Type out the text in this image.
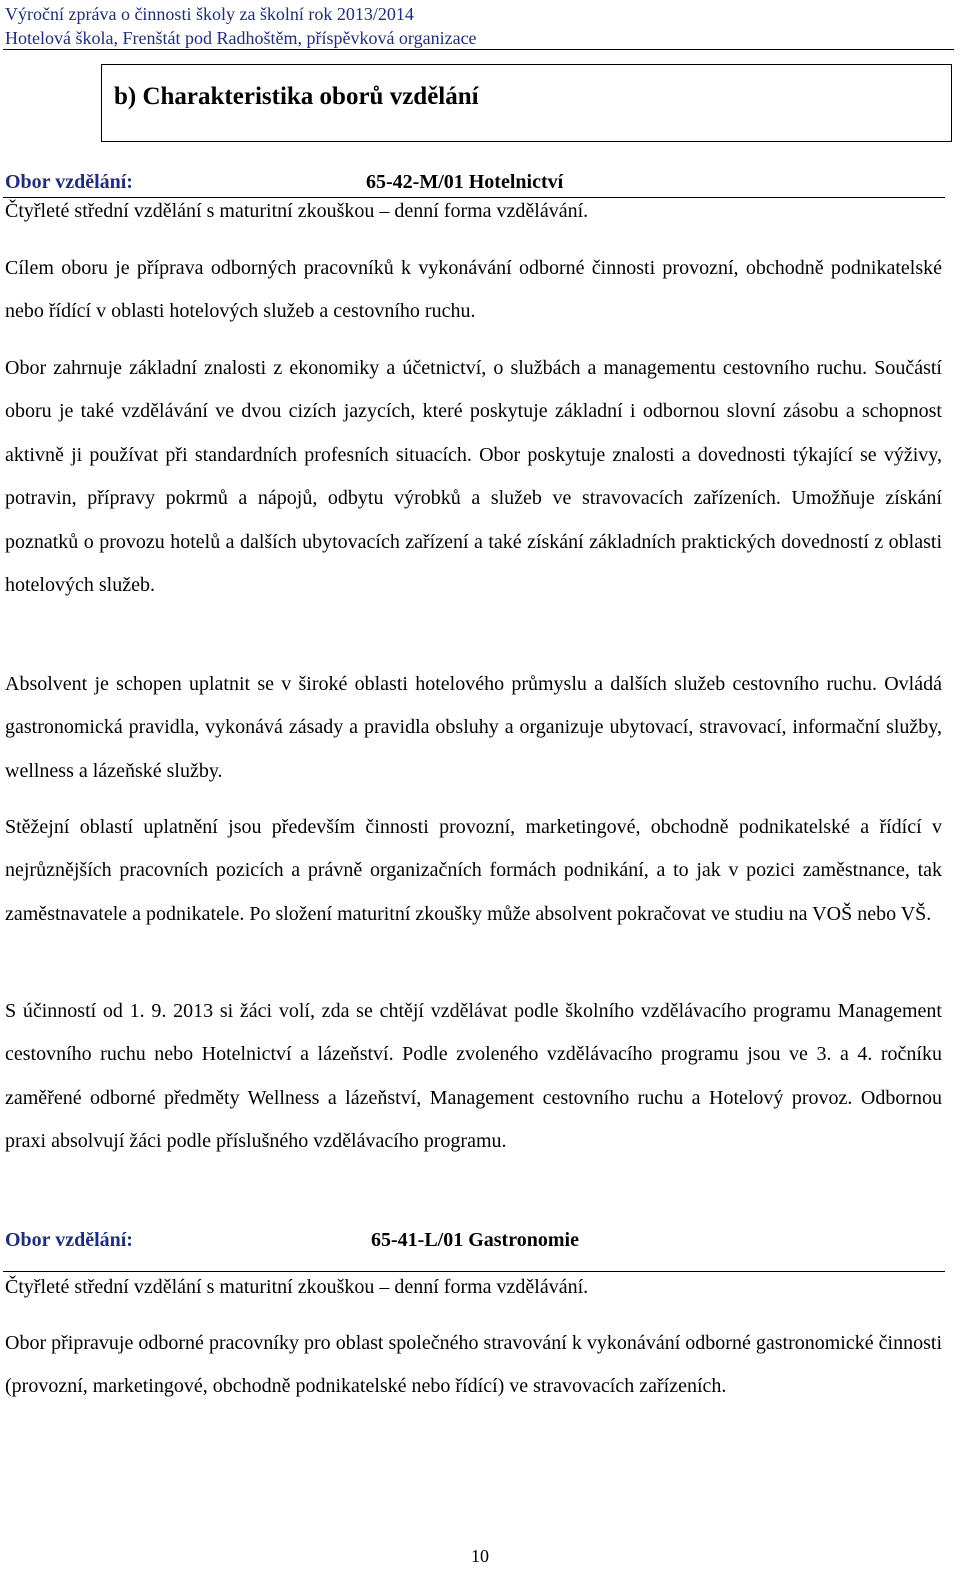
Výroční zpráva o činnosti školy za školní rok 2013/2014
Hotelová škola, Frenštát pod Radhoštěm, příspěvková organizace
b) Charakteristika oborů vzdělání
Obor vzdělání:	65-42-M/01 Hotelnictví
Čtyřleté střední vzdělání s maturitní zkouškou – denní forma vzdělávání.

Cílem oboru je příprava odborných pracovníků k vykonávání odborné činnosti provozní, obchodně podnikatelské nebo řídící v oblasti hotelových služeb a cestovního ruchu.

Obor zahrnuje základní znalosti z ekonomiky a účetnictví, o službách a managementu cestovního ruchu. Součástí oboru je také vzdělávání ve dvou cizích jazycích, které poskytuje základní i odbornou slovní zásobu a schopnost aktivně ji používat při standardních profesních situacích. Obor poskytuje znalosti a dovednosti týkající se výživy, potravin, přípravy pokrmů a nápojů, odbytu výrobků a služeb ve stravovacích zařízeních. Umožňuje získání poznatků o provozu hotelů a dalších ubytovacích zařízení a také získání základních praktických dovedností z oblasti hotelových služeb.

Absolvent je schopen uplatnit se v široké oblasti hotelového průmyslu a dalších služeb cestovního ruchu. Ovládá gastronomická pravidla, vykonává zásady a pravidla obsluhy a organizuje ubytovací, stravovací, informační služby, wellness a lázeňské služby.

Stěžejní oblastí uplatnění jsou především činnosti provozní, marketingové, obchodně podnikatelské a řídící v nejrůznějších pracovních pozicích a právně organizačních formách podnikání, a to jak v pozici zaměstnance, tak zaměstnavatele a podnikatele. Po složení maturitní zkoušky může absolvent pokračovat ve studiu na VOŠ nebo VŠ.

S účinností od 1. 9. 2013 si žáci volí, zda se chtějí vzdělávat podle školního vzdělávacího programu Management cestovního ruchu nebo Hotelnictví a lázeňství. Podle zvoleného vzdělávacího programu jsou ve 3. a 4. ročníku zaměřené odborné předměty Wellness a lázeňství, Management cestovního ruchu a Hotelový provoz. Odbornou praxi absolvují žáci podle příslušného vzdělávacího programu.

Obor vzdělání:	65-41-L/01 Gastronomie
Čtyřleté střední vzdělání s maturitní zkouškou – denní forma vzdělávání.

Obor připravuje odborné pracovníky pro oblast společného stravování k vykonávání odborné gastronomické činnosti (provozní, marketingové, obchodně podnikatelské nebo řídící) ve stravovacích zařízeních.

10
